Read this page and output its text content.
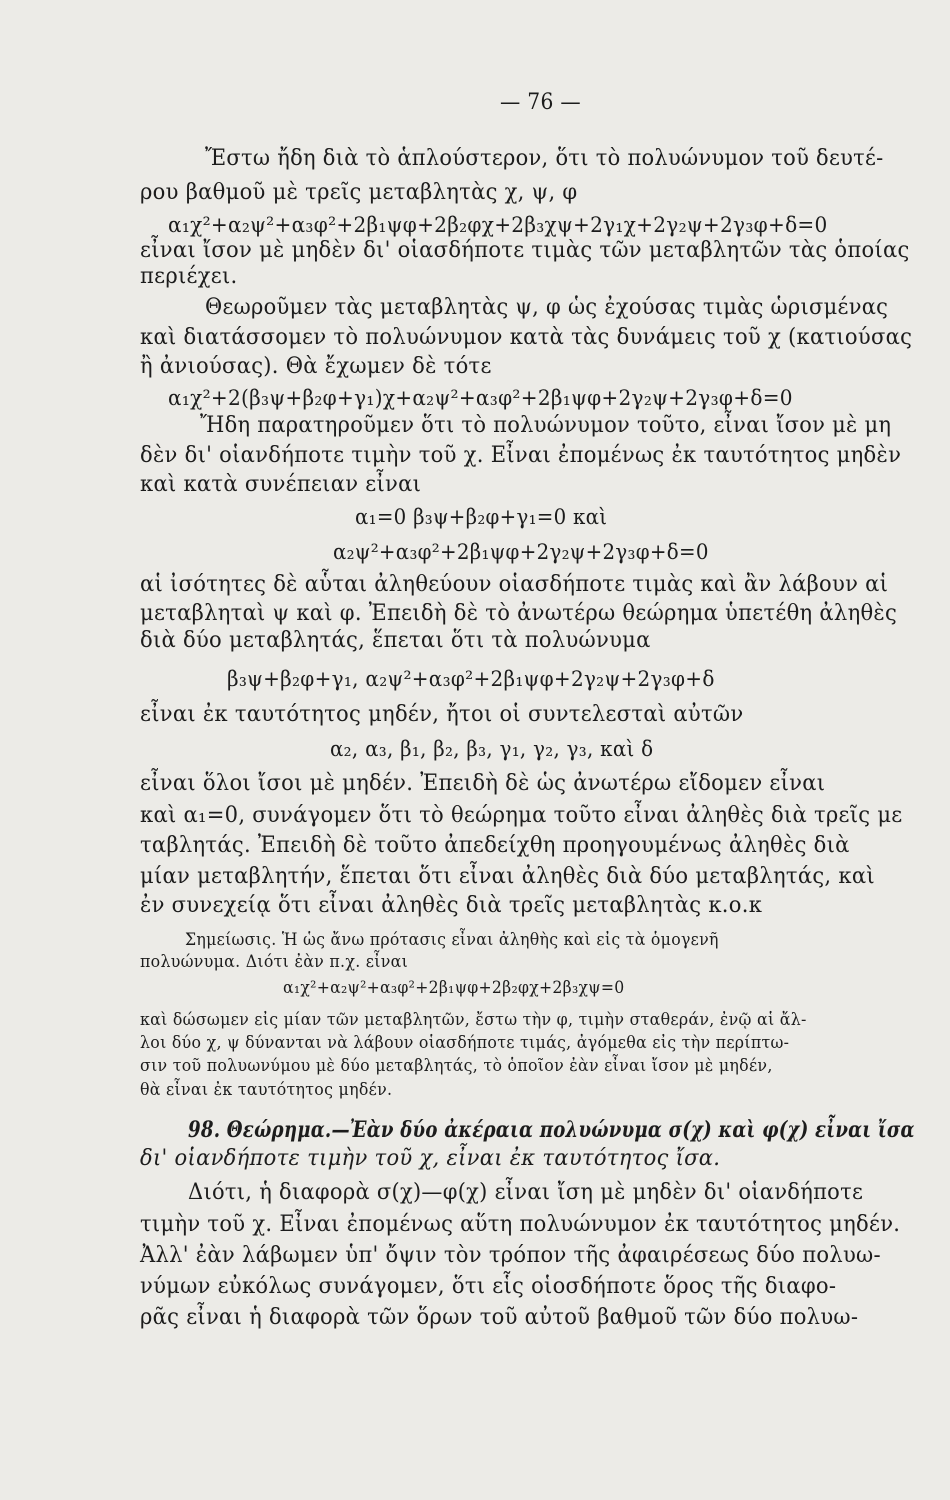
— 76 —

Ἔστω ἤδη διὰ τὸ ἁπλούστερον, ὅτι τὸ πολυώνυμον τοῦ δευτέ-

ρου βαθμοῦ μὲ τρεῖς μεταβλητὰς χ, ψ, φ

α₁χ²+α₂ψ²+α₃φ²+2β₁ψφ+2β₂φχ+2β₃χψ+2γ₁χ+2γ₂ψ+2γ₃φ+δ=0

εἶναι ἴσον μὲ μηδὲν δι' οἱασδήποτε τιμὰς τῶν μεταβλητῶν τὰς ὁποίας

περιέχει.

Θεωροῦμεν τὰς μεταβλητὰς ψ, φ ὡς ἐχούσας τιμὰς ὡρισμένας

καὶ διατάσσομεν τὸ πολυώνυμον κατὰ τὰς δυνάμεις τοῦ χ (κατιούσας

ἢ ἀνιούσας). Θὰ ἔχωμεν δὲ τότε

α₁χ²+2(β₃ψ+β₂φ+γ₁)χ+α₂ψ²+α₃φ²+2β₁ψφ+2γ₂ψ+2γ₃φ+δ=0

Ἤδη παρατηροῦμεν ὅτι τὸ πολυώνυμον τοῦτο, εἶναι ἴσον μὲ μη

δὲν δι' οἱανδήποτε τιμὴν τοῦ χ. Εἶναι ἐπομένως ἐκ ταυτότητος μηδὲν

καὶ κατὰ συνέπειαν εἶναι

α₁=0 β₃ψ+β₂φ+γ₁=0 καὶ

α₂ψ²+α₃φ²+2β₁ψφ+2γ₂ψ+2γ₃φ+δ=0

αἱ ἰσότητες δὲ αὗται ἀληθεύουν οἱασδήποτε τιμὰς καὶ ἂν λάβουν αἱ

μεταβληταὶ ψ καὶ φ. Ἐπειδὴ δὲ τὸ ἀνωτέρω θεώρημα ὑπετέθη ἀληθὲς

διὰ δύο μεταβλητάς, ἕπεται ὅτι τὰ πολυώνυμα

β₃ψ+β₂φ+γ₁, α₂ψ²+α₃φ²+2β₁ψφ+2γ₂ψ+2γ₃φ+δ

εἶναι ἐκ ταυτότητος μηδέν, ἤτοι οἱ συντελεσταὶ αὐτῶν

α₂, α₃, β₁, β₂, β₃, γ₁, γ₂, γ₃, καὶ δ

εἶναι ὅλοι ἴσοι μὲ μηδέν. Ἐπειδὴ δὲ ὡς ἀνωτέρω εἴδομεν εἶναι

καὶ α₁=0, συνάγομεν ὅτι τὸ θεώρημα τοῦτο εἶναι ἀληθὲς διὰ τρεῖς με

ταβλητάς. Ἐπειδὴ δὲ τοῦτο ἀπεδείχθη προηγουμένως ἀληθὲς διὰ

μίαν μεταβλητήν, ἕπεται ὅτι εἶναι ἀληθὲς διὰ δύο μεταβλητάς, καὶ

ἐν συνεχείᾳ ὅτι εἶναι ἀληθὲς διὰ τρεῖς μεταβλητὰς κ.ο.κ

Σημείωσις. Ἡ ὡς ἄνω πρότασις εἶναι ἀληθὴς καὶ εἰς τὰ ὁμογενῆ

πολυώνυμα. Διότι ἐὰν π.χ. εἶναι

α₁χ²+α₂ψ²+α₃φ²+2β₁ψφ+2β₂φχ+2β₃χψ=0

καὶ δώσωμεν εἰς μίαν τῶν μεταβλητῶν, ἔστω τὴν φ, τιμὴν σταθεράν, ἐνῷ αἱ ἄλ-

λοι δύο χ, ψ δύνανται νὰ λάβουν οἱασδήποτε τιμάς, ἀγόμεθα εἰς τὴν περίπτω-

σιν τοῦ πολυωνύμου μὲ δύο μεταβλητάς, τὸ ὁποῖον ἐὰν εἶναι ἴσον μὲ μηδέν,

θὰ εἶναι ἐκ ταυτότητος μηδέν.

98. Θεώρημα.—Ἐὰν δύο ἀκέραια πολυώνυμα σ(χ) καὶ φ(χ) εἶναι ἴσα

δι' οἱανδήποτε τιμὴν τοῦ χ, εἶναι ἐκ ταυτότητος ἴσα.

Διότι, ἡ διαφορὰ σ(χ)—φ(χ) εἶναι ἴση μὲ μηδὲν δι' οἱανδήποτε

τιμὴν τοῦ χ. Εἶναι ἐπομένως αὕτη πολυώνυμον ἐκ ταυτότητος μηδέν.

Ἀλλ' ἐὰν λάβωμεν ὑπ' ὄψιν τὸν τρόπον τῆς ἀφαιρέσεως δύο πολυω-

νύμων εὐκόλως συνάγομεν, ὅτι εἷς οἱοσδήποτε ὅρος τῆς διαφο-

ρᾶς εἶναι ἡ διαφορὰ τῶν ὅρων τοῦ αὐτοῦ βαθμοῦ τῶν δύο πολυω-
